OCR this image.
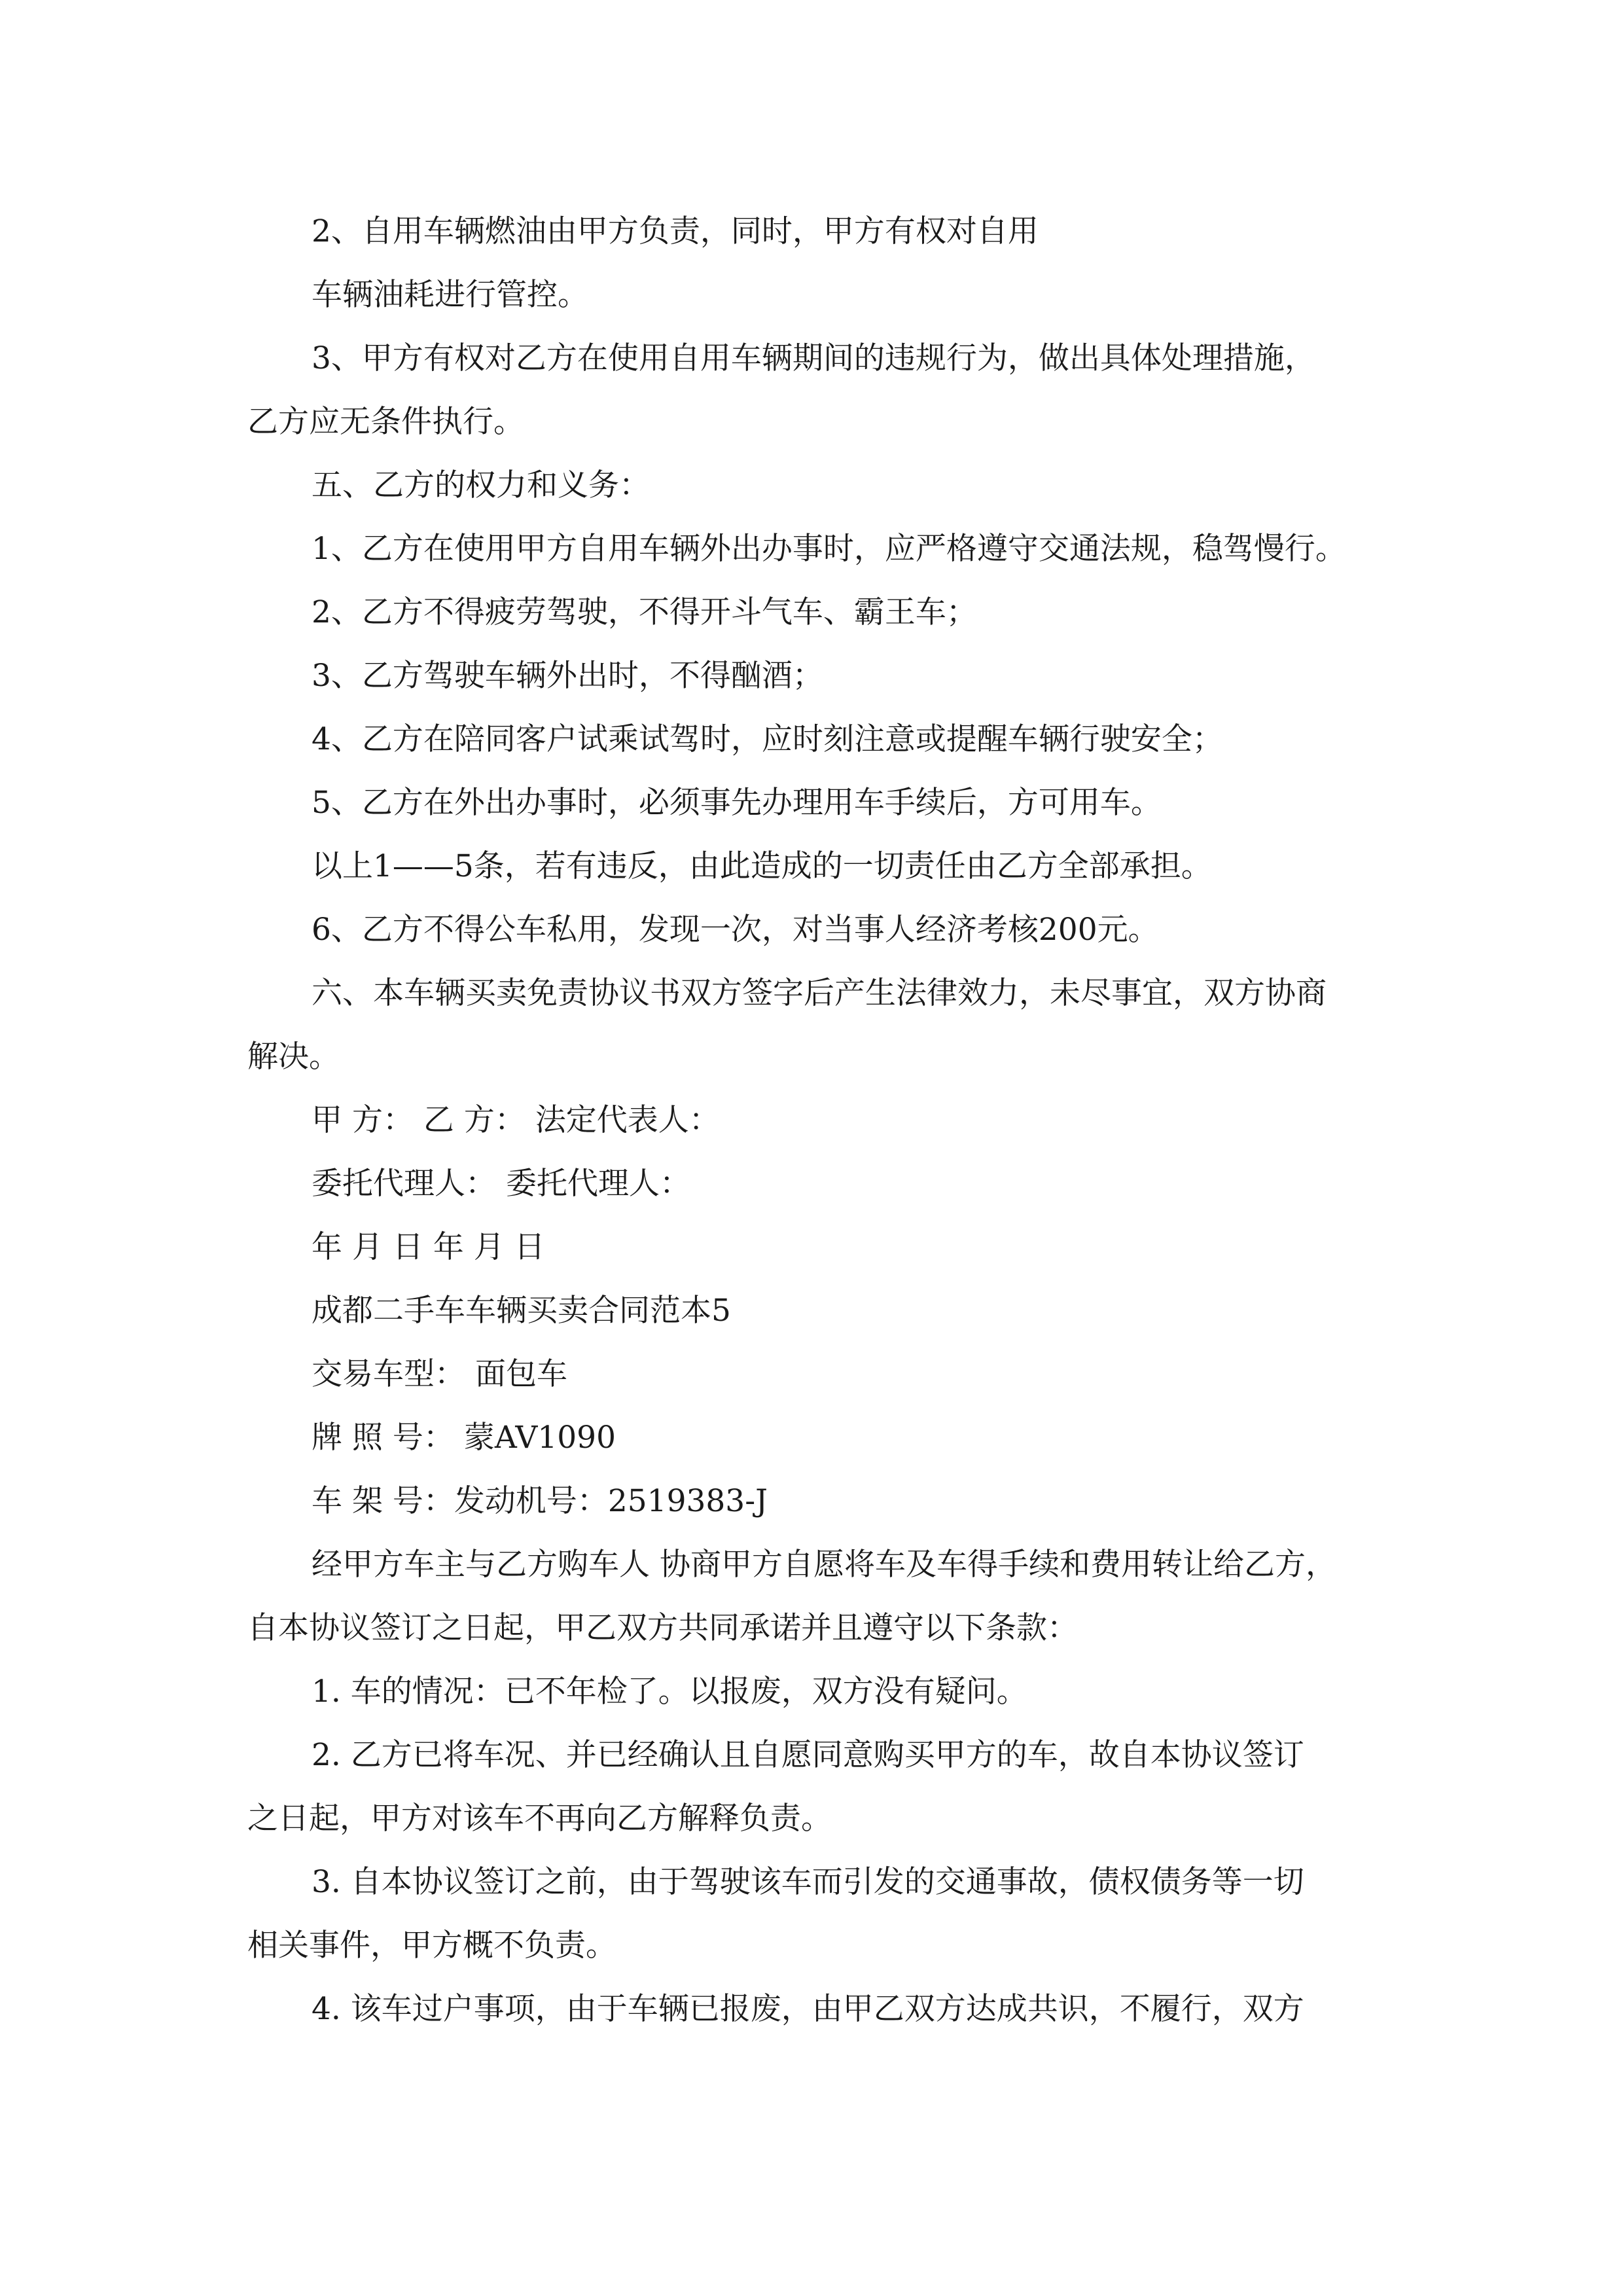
2、自用车辆燃油由甲方负责，同时，甲方有权对自用
车辆油耗进行管控。

3、甲方有权对乙方在使用自用车辆期间的违规行为，做出具体处理措施，
乙方应无条件执行。

五、乙方的权力和义务：

1、乙方在使用甲方自用车辆外出办事时，应严格遵守交通法规，稳驾慢行。

2、乙方不得疲劳驾驶，不得开斗气车、霸王车；

3、乙方驾驶车辆外出时，不得酗酒；

4、乙方在陪同客户试乘试驾时，应时刻注意或提醒车辆行驶安全；

5、乙方在外出办事时，必须事先办理用车手续后，方可用车。

以上1——5条，若有违反，由此造成的一切责任由乙方全部承担。

6、乙方不得公车私用，发现一次，对当事人经济考核200元。

六、本车辆买卖免责协议书双方签字后产生法律效力，未尽事宜，双方协商
解决。

甲 方： 乙 方： 法定代表人：

委托代理人： 委托代理人：

年 月 日 年 月 日

成都二手车车辆买卖合同范本5

交易车型： 面包车

牌 照 号： 蒙AV1090

车 架 号：发动机号：2519383-J

经甲方车主与乙方购车人 协商甲方自愿将车及车得手续和费用转让给乙方，
自本协议签订之日起，甲乙双方共同承诺并且遵守以下条款：

1. 车的情况：已不年检了。以报废，双方没有疑问。

2. 乙方已将车况、并已经确认且自愿同意购买甲方的车，故自本协议签订
之日起，甲方对该车不再向乙方解释负责。

3. 自本协议签订之前，由于驾驶该车而引发的交通事故，债权债务等一切
相关事件，甲方概不负责。

4. 该车过户事项，由于车辆已报废，由甲乙双方达成共识，不履行，双方
